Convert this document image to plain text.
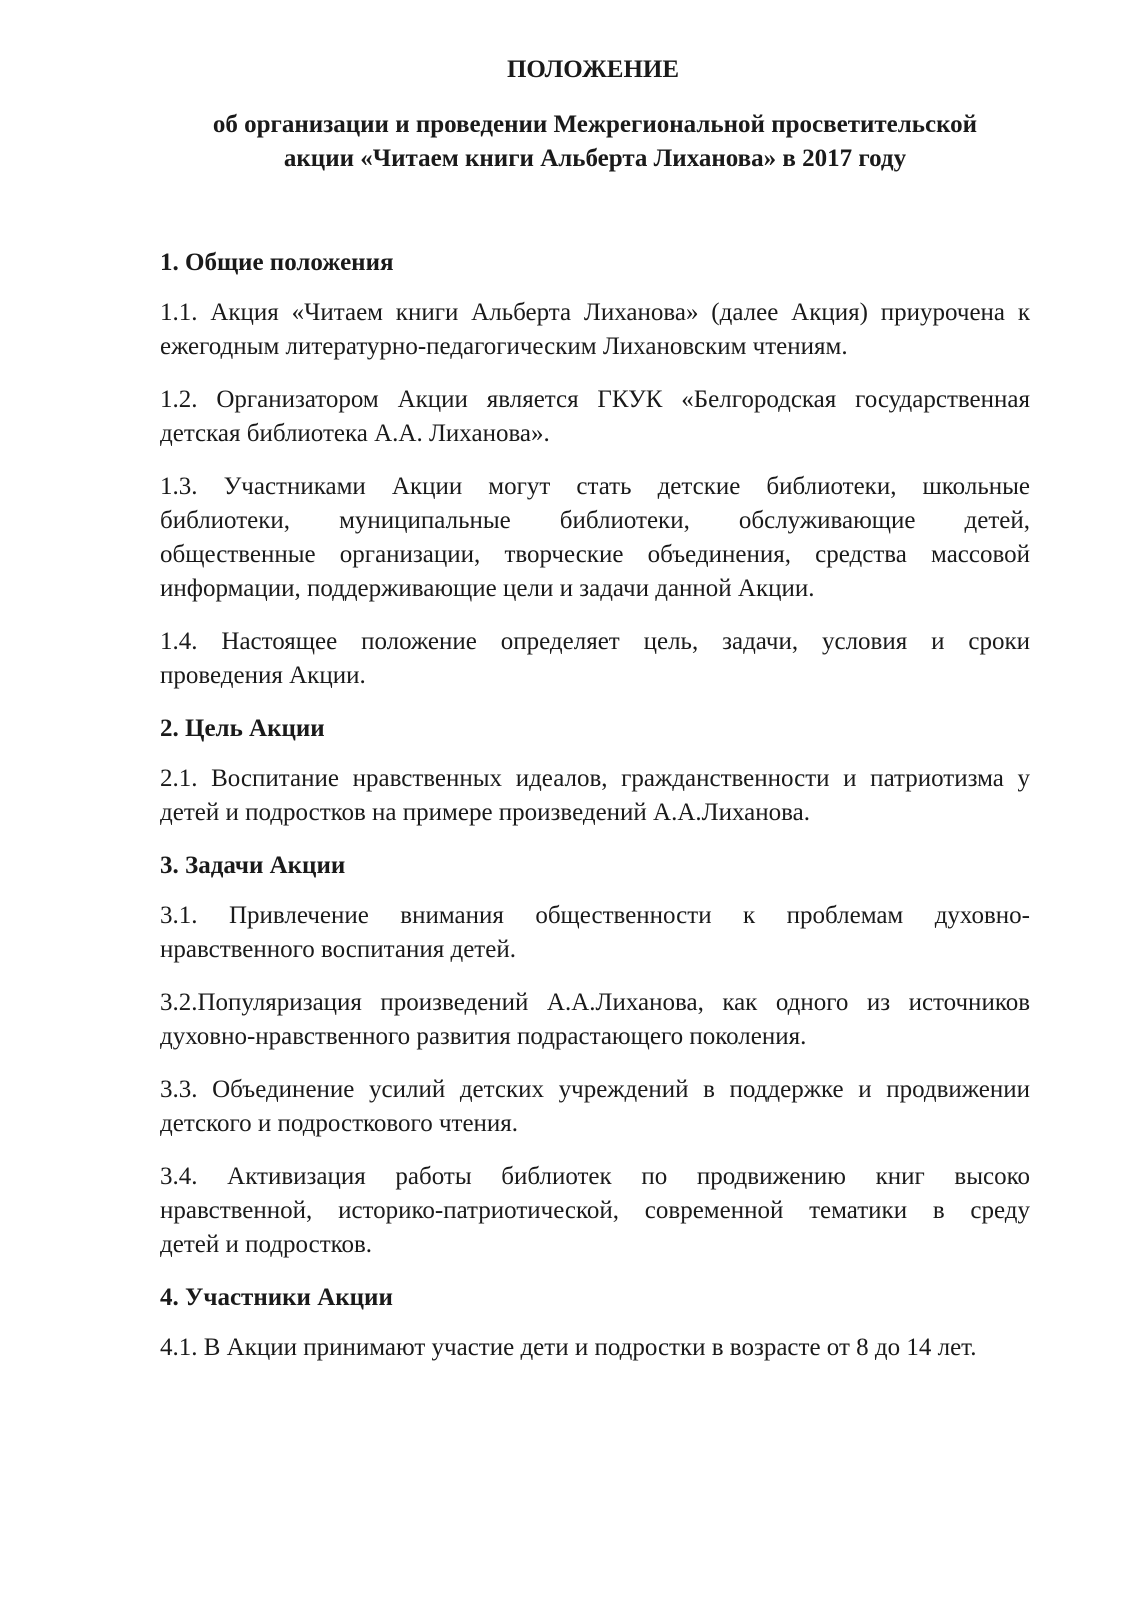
ПОЛОЖЕНИЕ
об организации и проведении Межрегиональной просветительской
акции «Читаем книги Альберта Лиханова» в 2017 году
1. Общие положения

1.1. Акция «Читаем книги Альберта Лиханова» (далее Акция) приурочена к
ежегодным литературно-педагогическим Лихановским чтениям.

1.2. Организатором Акции является ГКУК «Белгородская государственная
детская библиотека А.А. Лиханова».

1.3. Участниками Акции могут стать детские библиотеки, школьные
библиотеки, муниципальные библиотеки, обслуживающие детей,
общественные организации, творческие объединения, средства массовой
информации, поддерживающие цели и задачи данной Акции.

1.4. Настоящее положение определяет цель, задачи, условия и сроки
проведения Акции.

2. Цель Акции

2.1. Воспитание нравственных идеалов, гражданственности и патриотизма у
детей и подростков на примере произведений А.А.Лиханова.

3. Задачи Акции

3.1. Привлечение внимания общественности к проблемам духовно-
нравственного воспитания детей.

3.2.Популяризация произведений А.А.Лиханова, как одного из источников
духовно-нравственного развития подрастающего поколения.

3.3. Объединение усилий детских учреждений в поддержке и продвижении
детского и подросткового чтения.

3.4. Активизация работы библиотек по продвижению книг высоко
нравственной, историко-патриотической, современной тематики в среду
детей и подростков.

4. Участники Акции

4.1. В Акции принимают участие дети и подростки в возрасте от 8 до 14 лет.
